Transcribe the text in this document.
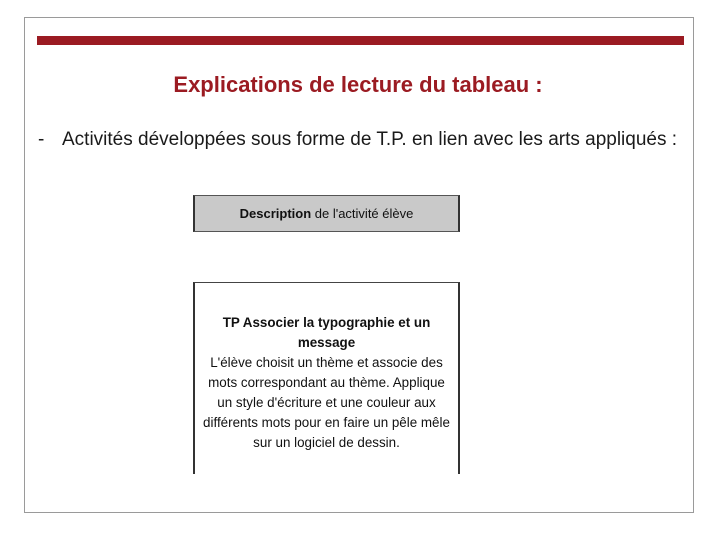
Explications de lecture du tableau :
- Activités développées sous forme de T.P. en lien avec les arts appliqués :
Description de l'activité élève
TP Associer la typographie et un message
L'élève choisit un thème et associe des mots correspondant au thème. Applique un style d'écriture et une couleur aux différents mots pour en faire un pêle mêle sur un logiciel de dessin.
